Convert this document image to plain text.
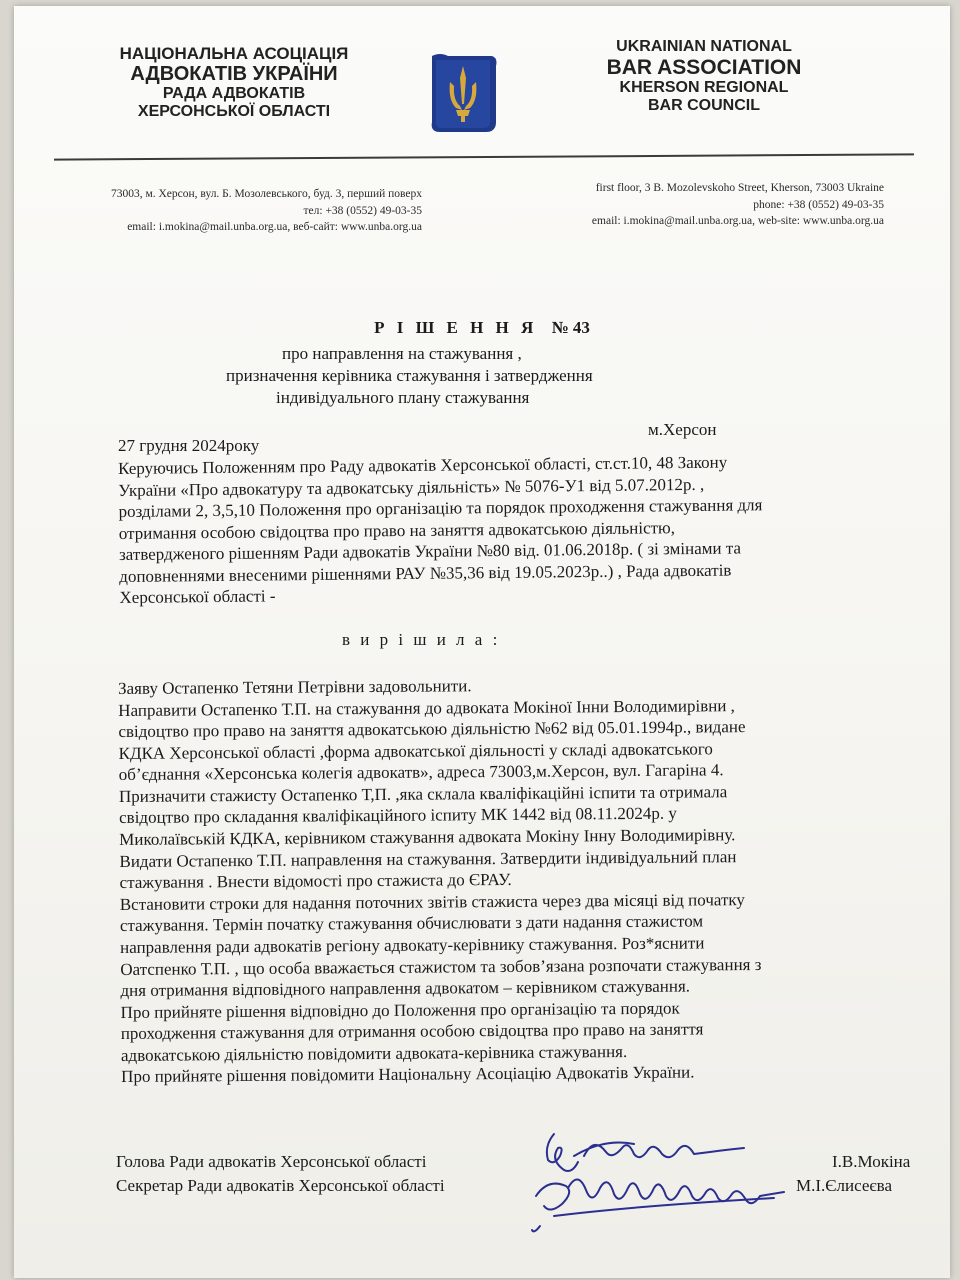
НАЦІОНАЛЬНА АСОЦІАЦІЯ
АДВОКАТІВ УКРАЇНИ
РАДА АДВОКАТІВ
ХЕРСОНСЬКОЇ ОБЛАСТІ
UKRAINIAN NATIONAL
BAR ASSOCIATION
KHERSON REGIONAL
BAR COUNCIL
73003, м. Херсон, вул. Б. Мозолевського, буд. 3, перший поверх
тел: +38 (0552) 49-03-35
email: i.mokina@mail.unba.org.ua, веб-сайт: www.unba.org.ua
first floor, 3 B. Mozolevskoho Street, Kherson, 73003 Ukraine
phone: +38 (0552) 49-03-35
email: i.mokina@mail.unba.org.ua, web-site: www.unba.org.ua
Р І Ш Е Н Н Я № 43
про направлення на стажування ,
призначення керівника стажування і затвердження
індивідуального плану стажування
27 грудня 2024року
м.Херсон

Керуючись Положенням про Раду адвокатів Херсонської області, ст.ст.10, 48 Закону

України «Про адвокатуру та адвокатську діяльність» № 5076-У1 від 5.07.2012р. ,

розділами 2, 3,5,10 Положення про організацію та порядок проходження стажування для

отримання особою свідоцтва про право на заняття адвокатською діяльністю,

затвердженого рішенням Ради адвокатів України №80 від. 01.06.2018р. ( зі змінами та

доповненнями внесеними рішеннями РАУ №35,36 від 19.05.2023р..) , Рада адвокатів

Херсонської області -

в и р і ш и л а :

Заяву Остапенко Тетяни Петрівни задовольнити.

Направити Остапенко Т.П. на стажування до адвоката Мокіної Інни Володимирівни ,

свідоцтво про право на заняття адвокатською діяльністю №62 від 05.01.1994р., видане

КДКА Херсонської області ,форма адвокатської діяльності у складі адвокатського

об’єднання «Херсонська колегія адвокатв», адреса 73003,м.Херсон, вул. Гагаріна 4.

Призначити стажисту Остапенко Т,П. ,яка склала кваліфікаційні іспити та отримала

свідоцтво про складання кваліфікаційного іспиту МК 1442 від 08.11.2024р. у

Миколаївській КДКА, керівником стажування адвоката Мокіну Інну Володимирівну.

Видати Остапенко Т.П. направлення на стажування. Затвердити індивідуальний план

стажування . Внести відомості про стажиста до ЄРАУ.

Встановити строки для надання поточних звітів стажиста через два місяці від початку

стажування. Термін початку стажування обчислювати з дати надання стажистом

направлення ради адвокатів регіону адвокату-керівнику стажування. Роз*яснити

Оатспенко Т.П. , що особа вважається стажистом та зобов’язана розпочати стажування з

дня отримання відповідного направлення адвокатом – керівником стажування.

Про прийняте рішення відповідно до Положення про організацію та порядок

проходження стажування для отримання особою свідоцтва про право на заняття

адвокатською діяльністю повідомити адвоката-керівника стажування.

Про прийняте рішення повідомити Національну Асоціацію Адвокатів України.

Голова Ради адвокатів Херсонської області	І.В.Мокіна
Секретар Ради адвокатів Херсонської області	М.І.Єлисеєва
